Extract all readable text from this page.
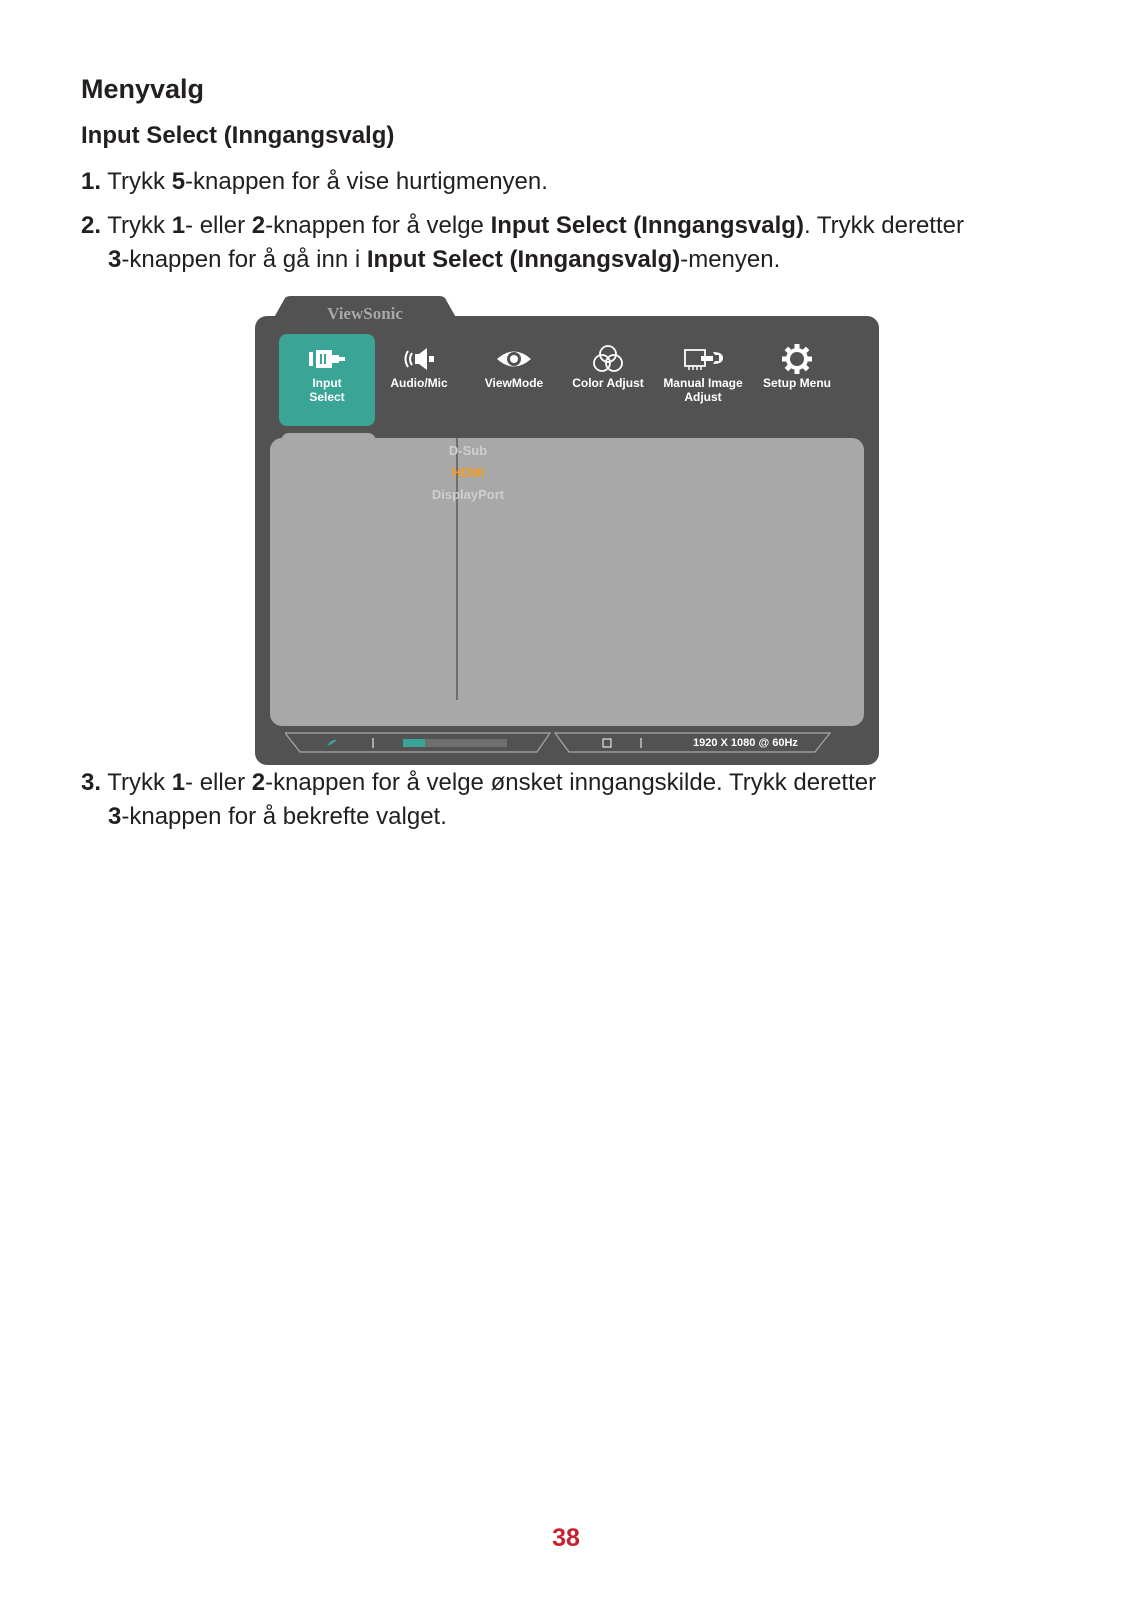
Menyvalg
Input Select (Inngangsvalg)

1. Trykk 5-knappen for å vise hurtigmenyen.

2. Trykk 1- eller 2-knappen for å velge Input Select (Inngangsvalg). Trykk deretter
3-knappen for å gå inn i Input Select (Inngangsvalg)-menyen.

ViewSonic
Input
Select
Audio/Mic	ViewMode	Color Adjust	Manual Image
Adjust
Setup Menu
D-Sub
HDMI
DisplayPort
1920 X 1080 @ 60Hz

3. Trykk 1- eller 2-knappen for å velge ønsket inngangskilde. Trykk deretter
3-knappen for å bekrefte valget.

38
